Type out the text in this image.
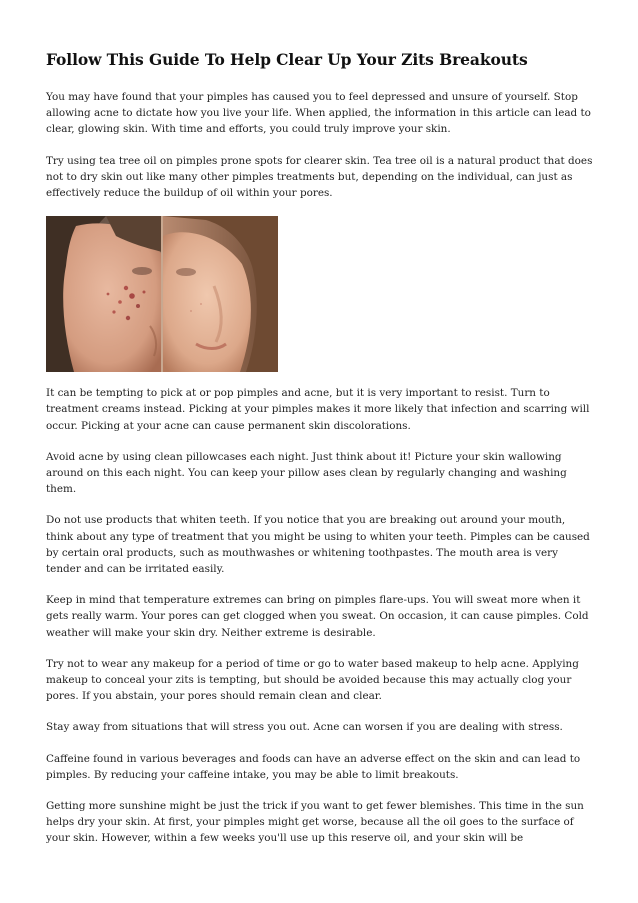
Follow This Guide To Help Clear Up Your Zits Breakouts

You may have found that your pimples has caused you to feel depressed and unsure of yourself. Stop allowing acne to dictate how you live your life. When applied, the information in this article can lead to clear, glowing skin. With time and efforts, you could truly improve your skin.

Try using tea tree oil on pimples prone spots for clearer skin. Tea tree oil is a natural product that does not to dry skin out like many other pimples treatments but, depending on the individual, can just as effectively reduce the buildup of oil within your pores.

It can be tempting to pick at or pop pimples and acne, but it is very important to resist. Turn to treatment creams instead. Picking at your pimples makes it more likely that infection and scarring will occur. Picking at your acne can cause permanent skin discolorations.

Avoid acne by using clean pillowcases each night. Just think about it! Picture your skin wallowing around on this each night. You can keep your pillow ases clean by regularly changing and washing them.

Do not use products that whiten teeth. If you notice that you are breaking out around your mouth, think about any type of treatment that you might be using to whiten your teeth. Pimples can be caused by certain oral products, such as mouthwashes or whitening toothpastes. The mouth area is very tender and can be irritated easily.

Keep in mind that temperature extremes can bring on pimples flare-ups. You will sweat more when it gets really warm. Your pores can get clogged when you sweat. On occasion, it can cause pimples. Cold weather will make your skin dry. Neither extreme is desirable.

Try not to wear any makeup for a period of time or go to water based makeup to help acne. Applying makeup to conceal your zits is tempting, but should be avoided because this may actually clog your pores. If you abstain, your pores should remain clean and clear.

Stay away from situations that will stress you out. Acne can worsen if you are dealing with stress.

Caffeine found in various beverages and foods can have an adverse effect on the skin and can lead to pimples. By reducing your caffeine intake, you may be able to limit breakouts.

Getting more sunshine might be just the trick if you want to get fewer blemishes. This time in the sun helps dry your skin. At first, your pimples might get worse, because all the oil goes to the surface of your skin. However, within a few weeks you'll use up this reserve oil, and your skin will be
